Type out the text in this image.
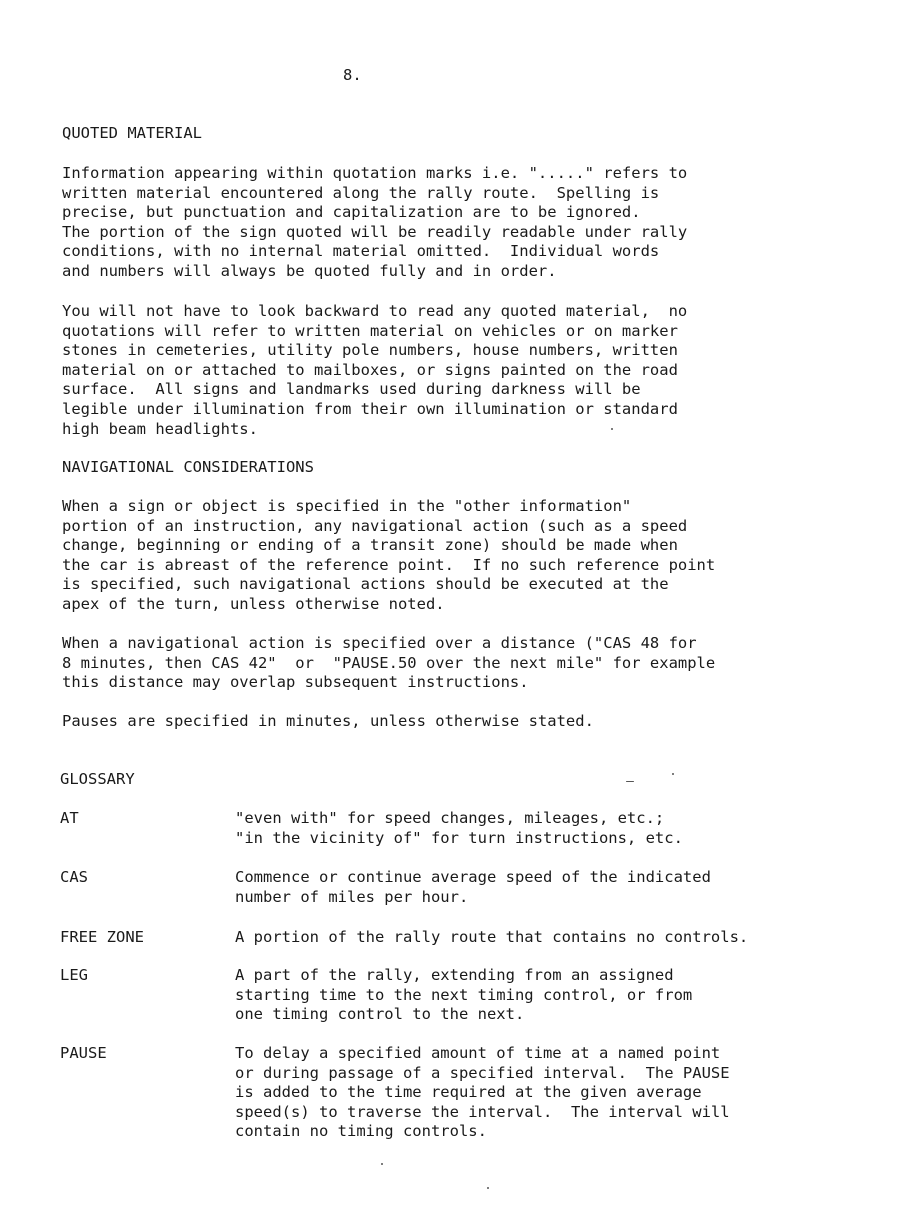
8.

QUOTED MATERIAL

Information appearing within quotation marks i.e. "....." refers to
written material encountered along the rally route.  Spelling is
precise, but punctuation and capitalization are to be ignored.
The portion of the sign quoted will be readily readable under rally
conditions, with no internal material omitted.  Individual words
and numbers will always be quoted fully and in order.

You will not have to look backward to read any quoted material,  no
quotations will refer to written material on vehicles or on marker
stones in cemeteries, utility pole numbers, house numbers, written
material on or attached to mailboxes, or signs painted on the road
surface.  All signs and landmarks used during darkness will be
legible under illumination from their own illumination or standard
high beam headlights.

NAVIGATIONAL CONSIDERATIONS

When a sign or object is specified in the "other information"
portion of an instruction, any navigational action (such as a speed
change, beginning or ending of a transit zone) should be made when
the car is abreast of the reference point.  If no such reference point
is specified, such navigational actions should be executed at the
apex of the turn, unless otherwise noted.

When a navigational action is specified over a distance ("CAS 48 for
8 minutes, then CAS 42"  or  "PAUSE.50 over the next mile" for example
this distance may overlap subsequent instructions.

Pauses are specified in minutes, unless otherwise stated.

GLOSSARY

AT	"even with" for speed changes, mileages, etc.;
"in the vicinity of" for turn instructions, etc.

CAS	Commence or continue average speed of the indicated
number of miles per hour.

FREE ZONE	A portion of the rally route that contains no controls.

LEG	A part of the rally, extending from an assigned
starting time to the next timing control, or from
one timing control to the next.

PAUSE	To delay a specified amount of time at a named point
or during passage of a specified interval.  The PAUSE
is added to the time required at the given average
speed(s) to traverse the interval.  The interval will
contain no timing controls.
